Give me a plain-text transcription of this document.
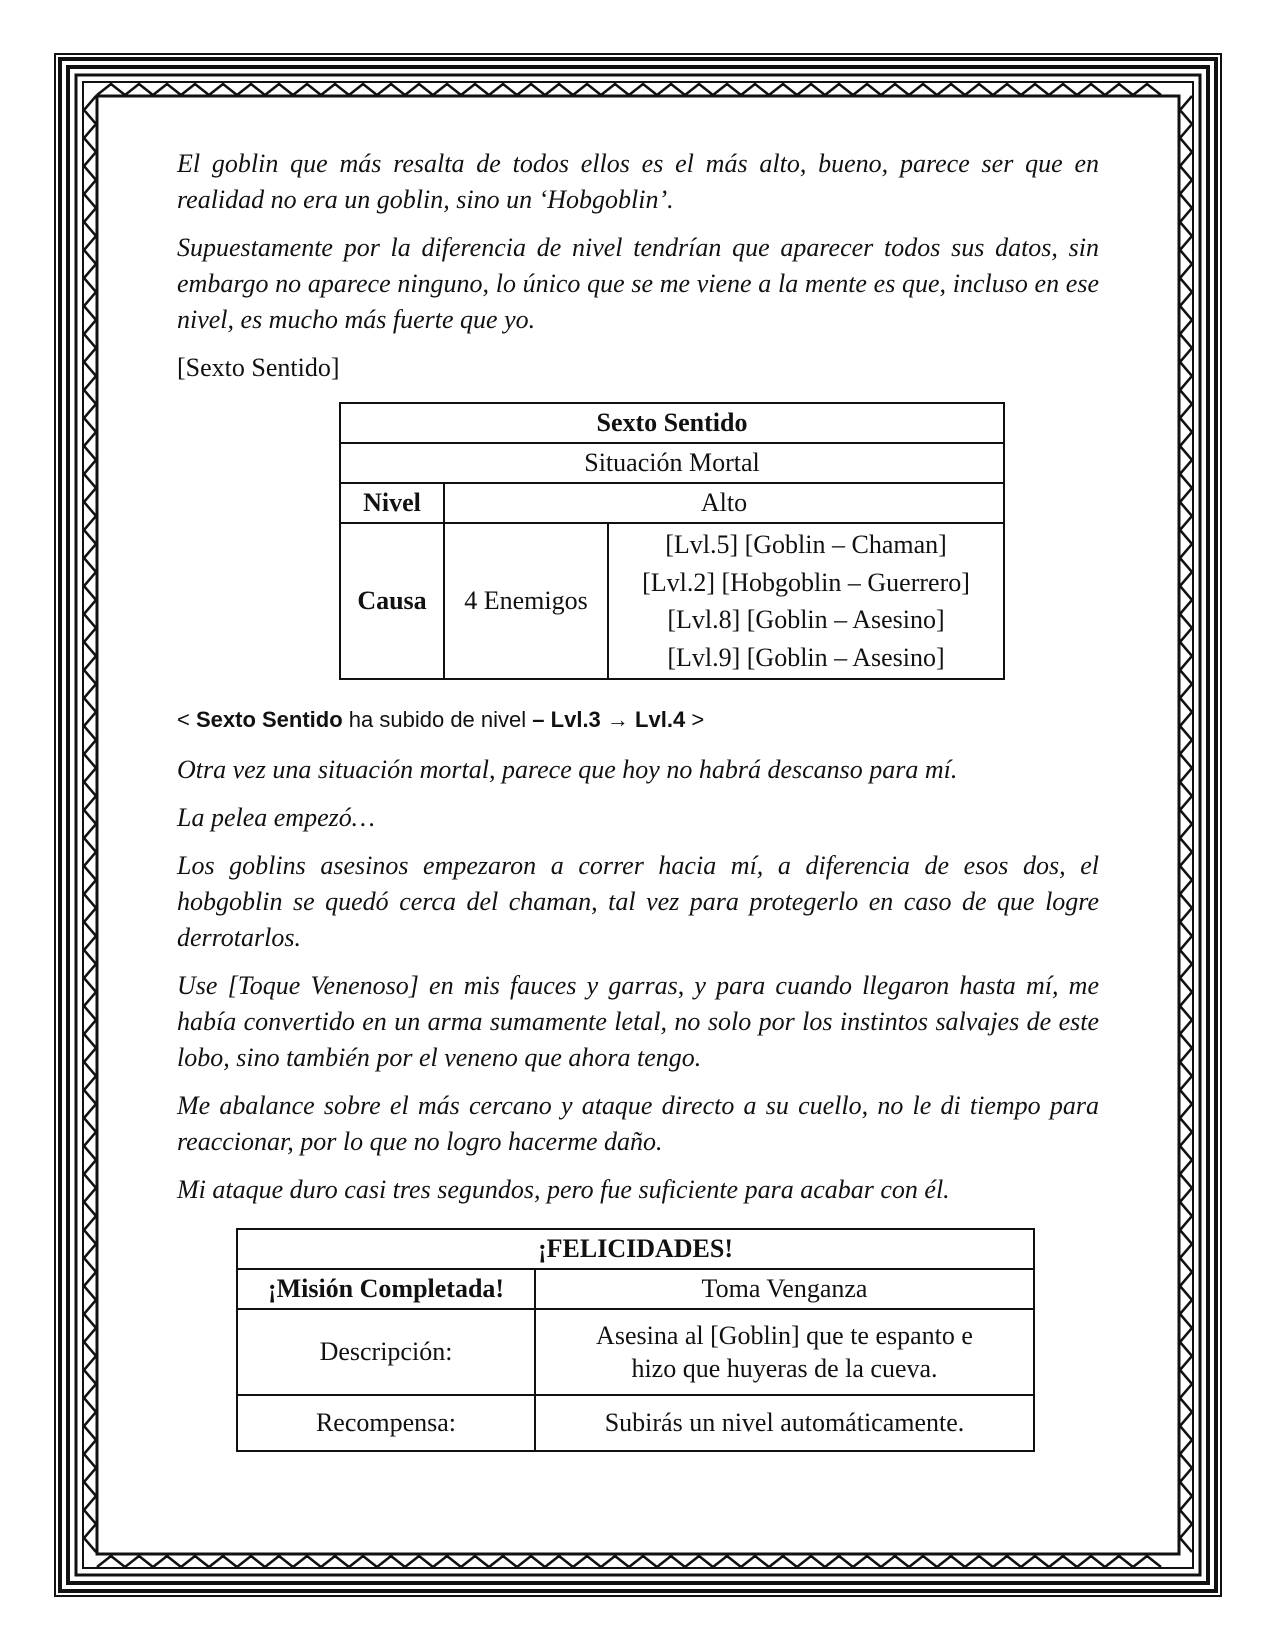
El goblin que más resalta de todos ellos es el más alto, bueno, parece ser que en realidad no era un goblin, sino un ‘Hobgoblin’.

Supuestamente por la diferencia de nivel tendrían que aparecer todos sus datos, sin embargo no aparece ninguno, lo único que se me viene a la mente es que, incluso en ese nivel, es mucho más fuerte que yo.

[Sexto Sentido]

Sexto Sentido		
Situación Mortal		
Nivel	Alto	
Causa	4 Enemigos	[Lvl.5] [Goblin – Chaman]
[Lvl.2] [Hobgoblin – Guerrero]
[Lvl.8] [Goblin – Asesino]
[Lvl.9] [Goblin – Asesino]
< Sexto Sentido ha subido de nivel – Lvl.3 → Lvl.4 >

Otra vez una situación mortal, parece que hoy no habrá descanso para mí.

La pelea empezó…

Los goblins asesinos empezaron a correr hacia mí, a diferencia de esos dos, el hobgoblin se quedó cerca del chaman, tal vez para protegerlo en caso de que logre derrotarlos.

Use [Toque Venenoso] en mis fauces y garras, y para cuando llegaron hasta mí, me había convertido en un arma sumamente letal, no solo por los instintos salvajes de este lobo, sino también por el veneno que ahora tengo.

Me abalance sobre el más cercano y ataque directo a su cuello, no le di tiempo para reaccionar, por lo que no logro hacerme daño.

Mi ataque duro casi tres segundos, pero fue suficiente para acabar con él.

¡FELICIDADES!	
¡Misión Completada!	Toma Venganza
Descripción:	Asesina al [Goblin] que te espanto e
hizo que huyeras de la cueva.

Recompensa:	Subirás un nivel automáticamente.
